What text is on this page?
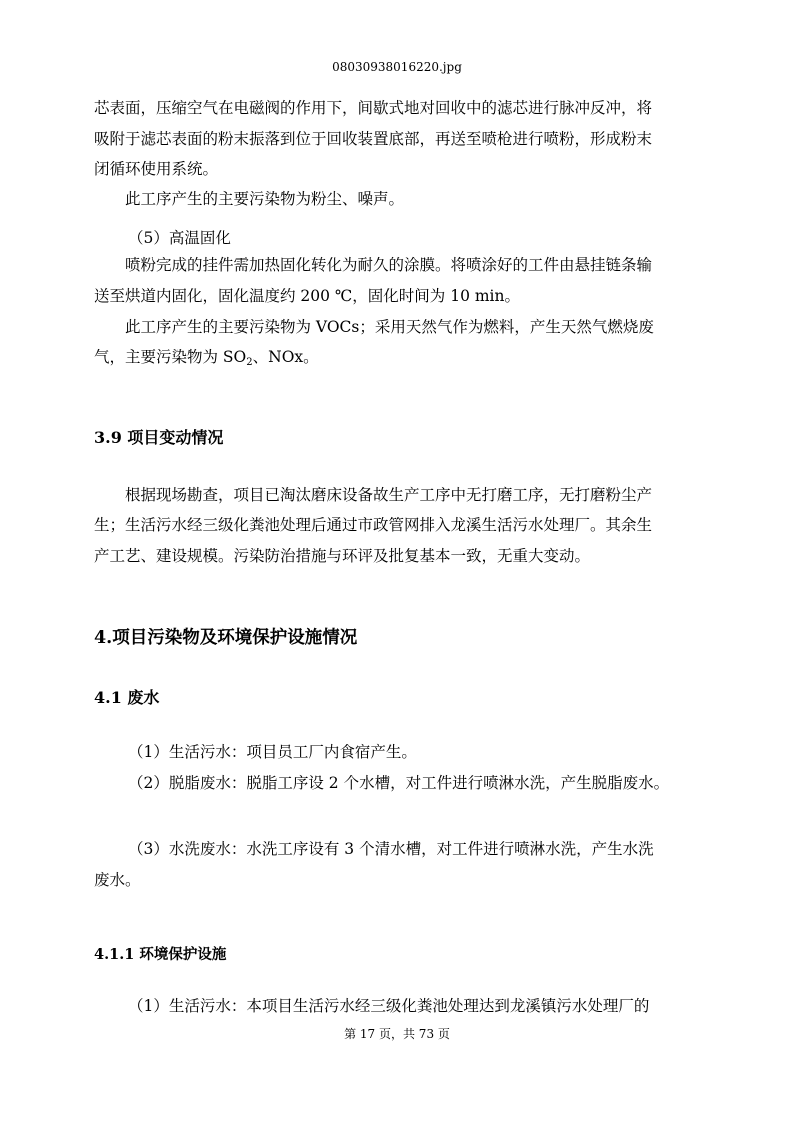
08030938016220.jpg
芯表面，压缩空气在电磁阀的作用下，间歇式地对回收中的滤芯进行脉冲反冲，将
吸附于滤芯表面的粉末振落到位于回收装置底部，再送至喷枪进行喷粉，形成粉末
闭循环使用系统。
此工序产生的主要污染物为粉尘、噪声。
（5）高温固化
喷粉完成的挂件需加热固化转化为耐久的涂膜。将喷涂好的工件由悬挂链条输
送至烘道内固化，固化温度约 200 ℃，固化时间为 10 min。
此工序产生的主要污染物为 VOCs；采用天然气作为燃料，产生天然气燃烧废
气，主要污染物为 $SO_2$、NOx。
3.9 项目变动情况
根据现场勘查，项目已淘汰磨床设备故生产工序中无打磨工序，无打磨粉尘产
生；生活污水经三级化粪池处理后通过市政管网排入龙溪生活污水处理厂。其余生
产工艺、建设规模。污染防治措施与环评及批复基本一致，无重大变动。
4.项目污染物及环境保护设施情况
4.1 废水
（1）生活污水：项目员工厂内食宿产生。
（2）脱脂废水：脱脂工序设 2 个水槽，对工件进行喷淋水洗，产生脱脂废水。
（3）水洗废水：水洗工序设有 3 个清水槽，对工件进行喷淋水洗，产生水洗
废水。
4.1.1 环境保护设施
（1）生活污水：本项目生活污水经三级化粪池处理达到龙溪镇污水处理厂的
第 17 页，共 73 页
